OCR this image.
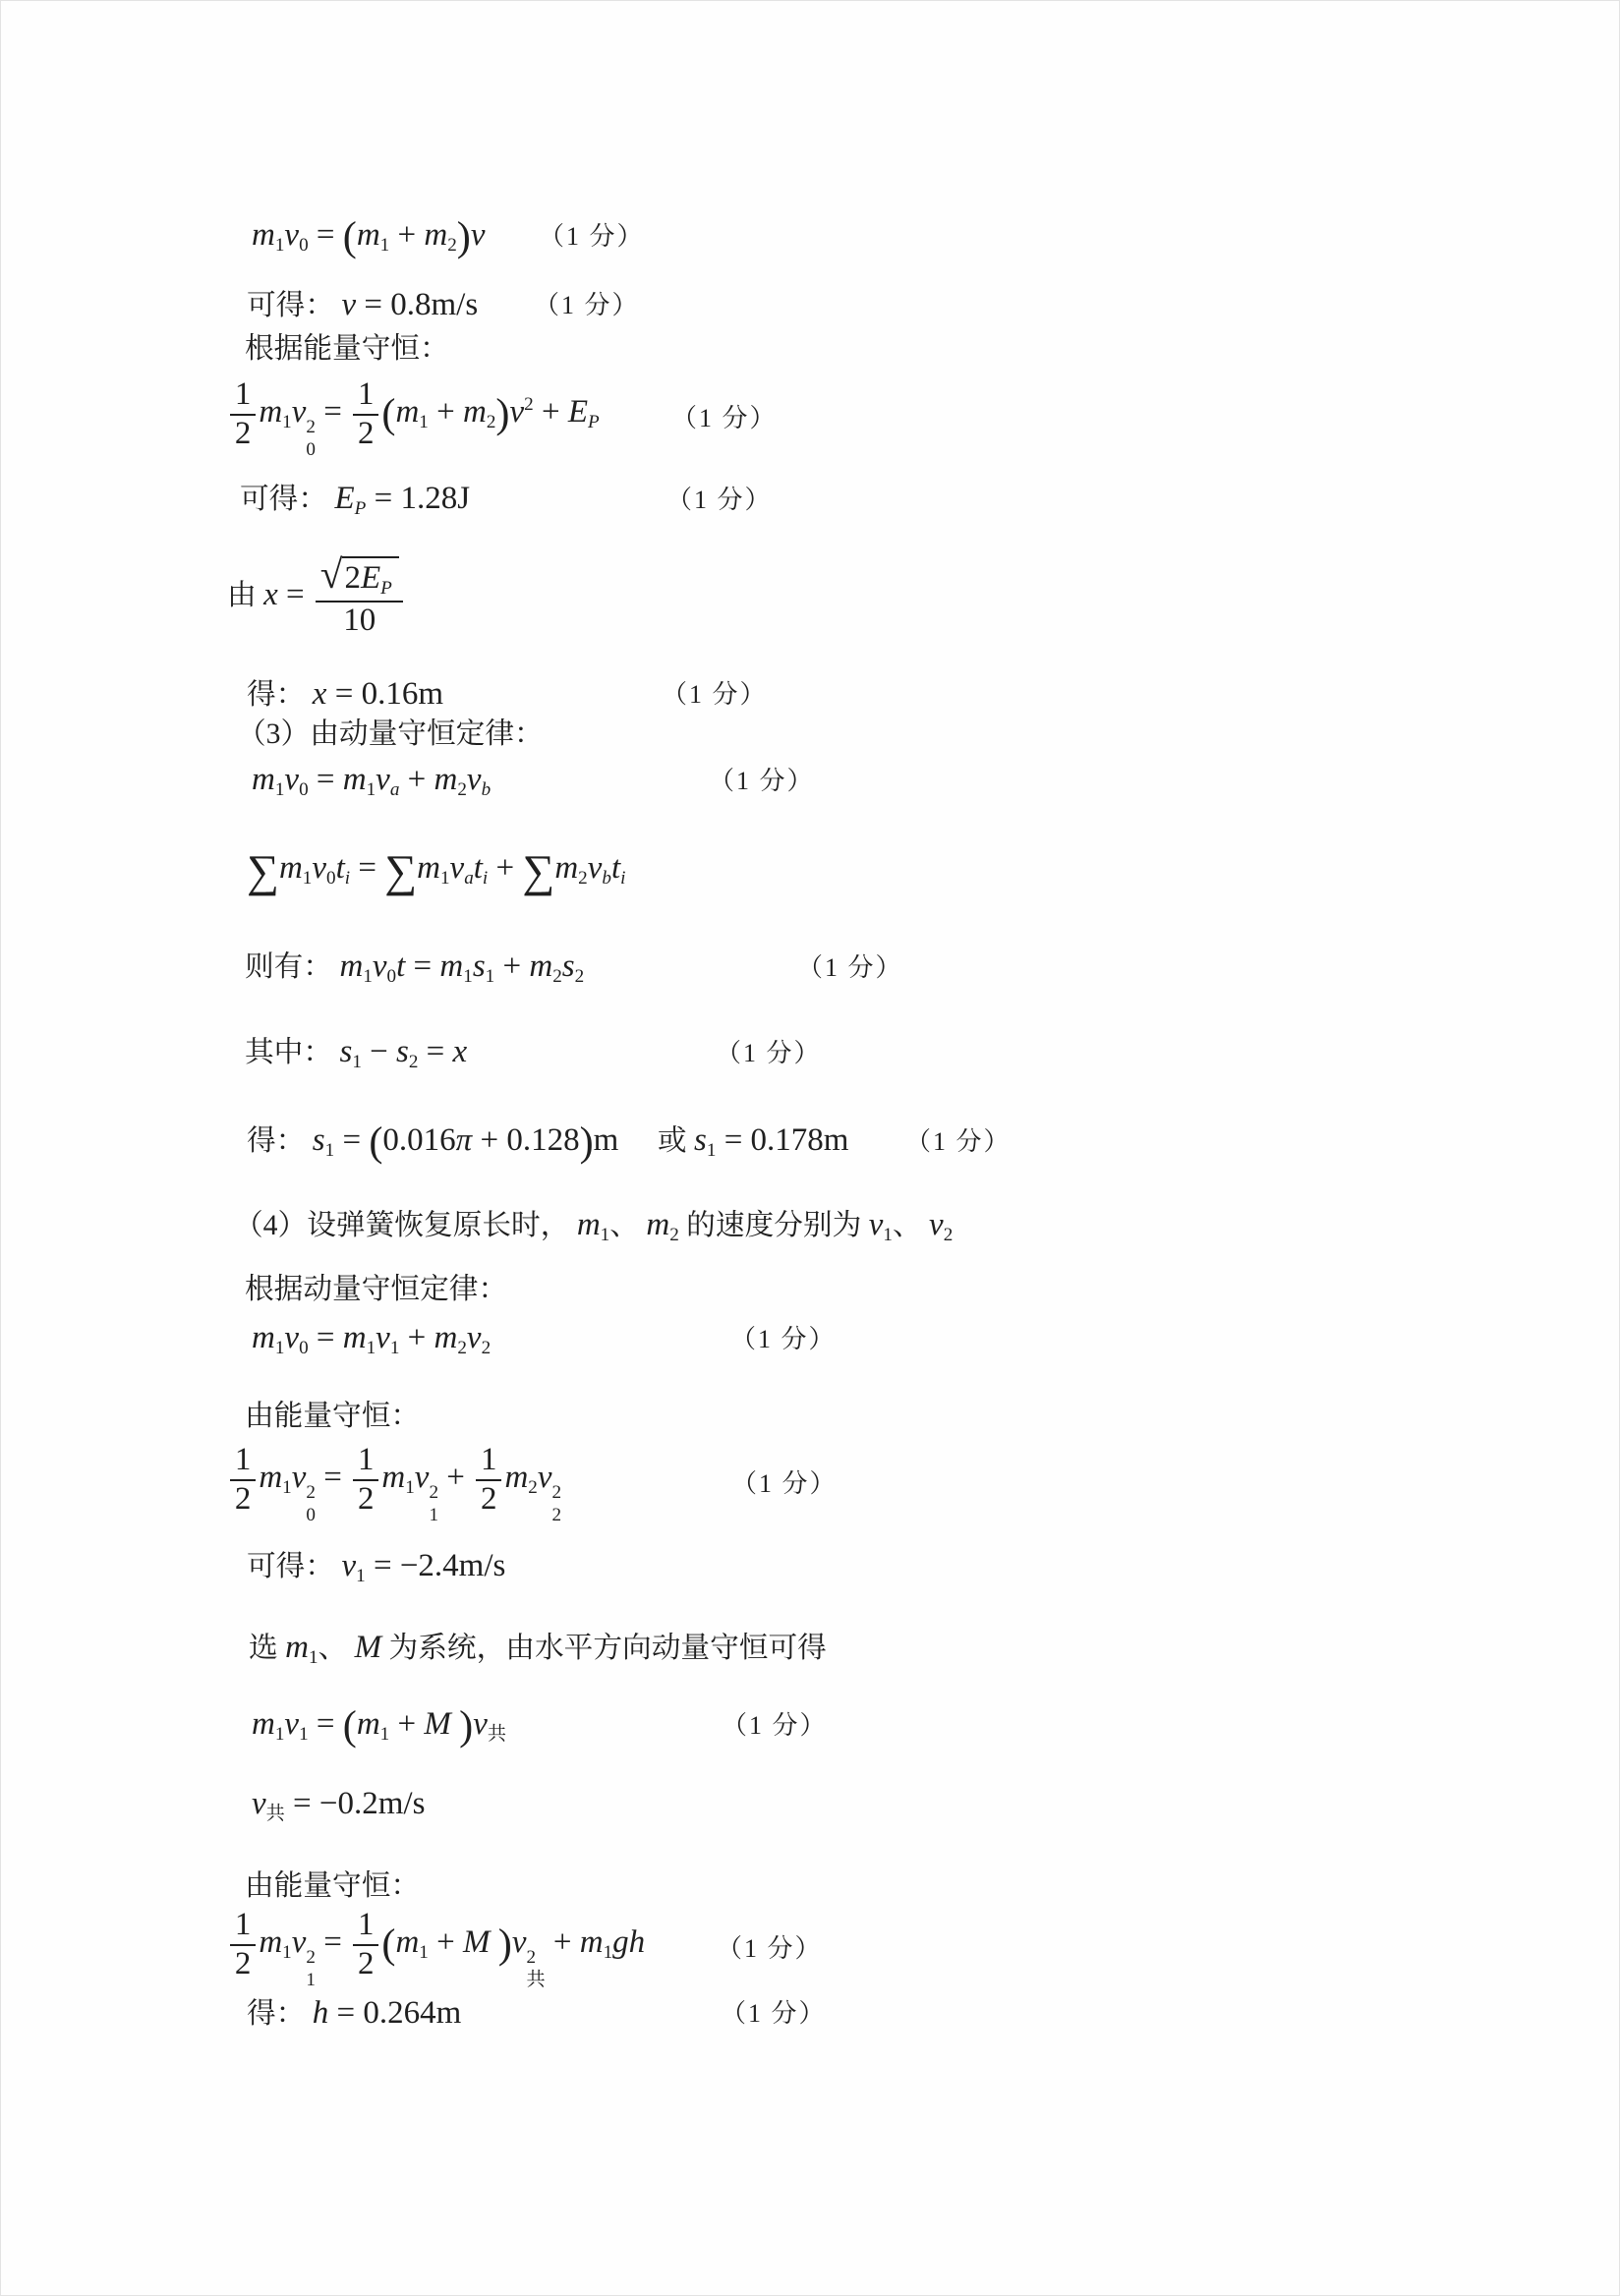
m1v0 = (m1 + m2)v （1 分）
可得： v = 0.8m/s （1 分）
根据能量守恒：
$\frac{1}{2} m1v$ 2
0
= $\frac{1}{2} (m1 + m2)v^2$ + EP	（1 分）
可得： EP = 1.28J	（1 分）
由 $x = \frac{√ 2EP}{10}$
得： x = 0.16m	（1 分）
（3）由动量守恒定律：
m1v0 = m1va + m2vb	（1 分）
∑m1v0ti = ∑m1vati + ∑m2vbti
则有： m1v0t = m1s1 + m2s2	（1 分）
其中： s1 − s2 = x	（1 分）
得： s1 = (0.016π + 0.128)m 或 s1 = 0.178m （1 分）
（4）设弹簧恢复原长时， m1、 m2 的速度分别为 v1、 v2
根据动量守恒定律：
m1v0 = m1v1 + m2v2	（1 分）
由能量守恒：
$\frac{1}{2} m1v$ 2
0
= $\frac{1}{2} m1v$ 2
1
+ $\frac{1}{2} m2v$ 2
2
（1 分）
可得： v1 = −2.4m/s
选 m1、 M 为系统，由水平方向动量守恒可得
m1v1 = (m1 + M )v共	（1 分）
v共 = −0.2m/s
由能量守恒：
$\frac{1}{2} m1v$ 2
1
= $\frac{1}{2} (m1 + M$ )v 2
共
+ m1gh	（1 分）
得： h = 0.264m	（1 分）
